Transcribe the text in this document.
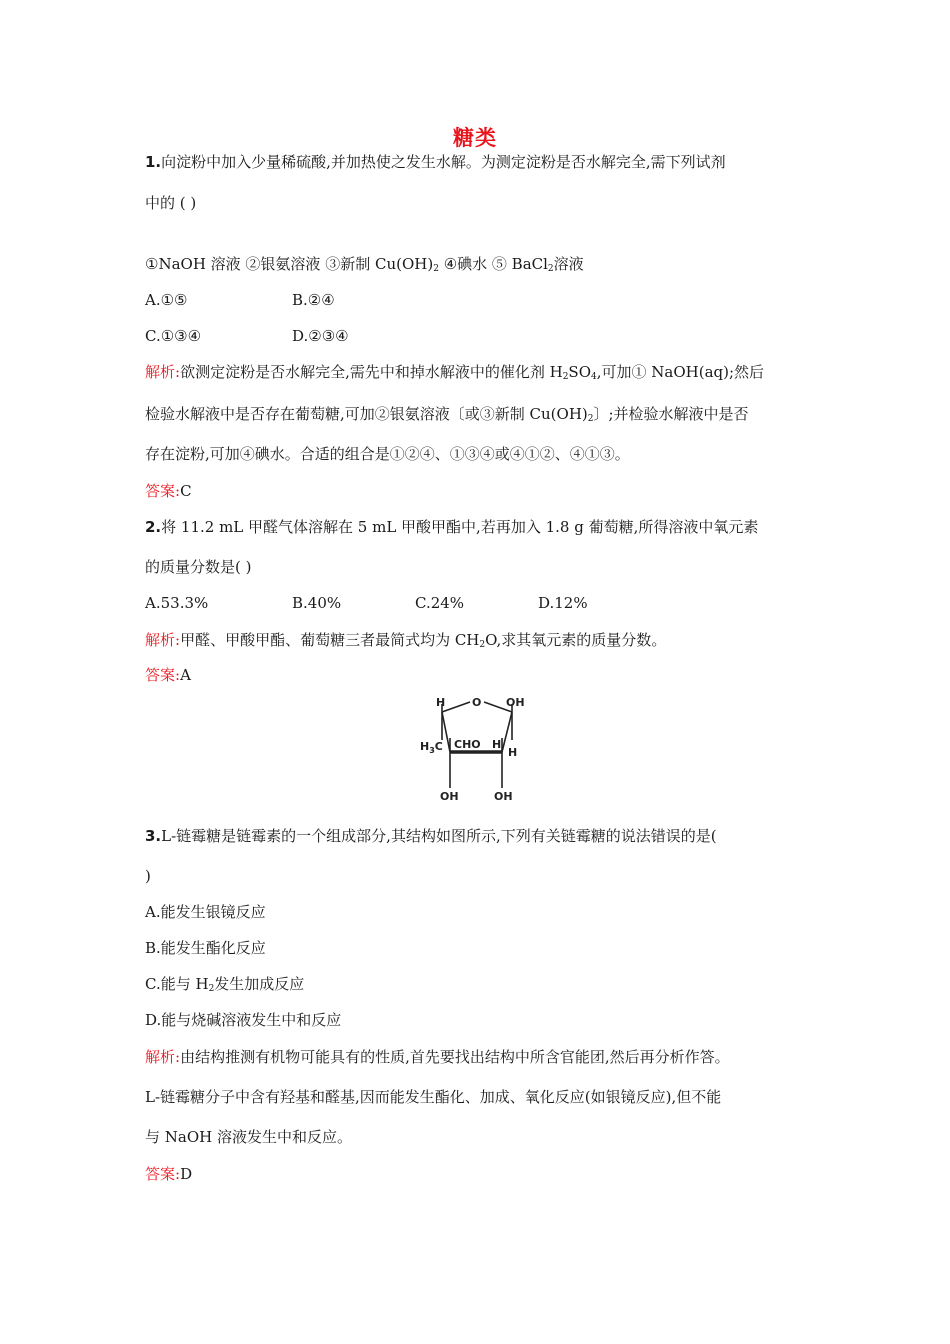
糖类
1.向淀粉中加入少量稀硫酸,并加热使之发生水解。为测定淀粉是否水解完全,需下列试剂
中的 ( )
①NaOH 溶液 ②银氨溶液 ③新制 $Cu(OH)_2$ ④碘水 ⑤ BaCl$_2$溶液
A.①⑤	B.②④
C.①③④	D.②③④
解析:欲测定淀粉是否水解完全,需先中和掉水解液中的催化剂 $H_2SO_4$,可加① NaOH(aq);然后
检验水解液中是否存在葡萄糖,可加②银氨溶液〔或③新制 $Cu(OH)_2$〕;并检验水解液中是否
存在淀粉,可加④碘水。合适的组合是①②④、①③④或④①②、④①③。
答案:C
2.将 11.2 mL 甲醛气体溶解在 5 mL 甲酸甲酯中,若再加入 1.8 g 葡萄糖,所得溶液中氧元素
的质量分数是( )
A.53.3%	B.40%	C.24%	D.12%
解析:甲醛、甲酸甲酯、葡萄糖三者最简式均为 $CH_2O$,求其氧元素的质量分数。
答案:A
H O OH
$H_3C$ CHO H
H
OH	OH
3.L-链霉糖是链霉素的一个组成部分,其结构如图所示,下列有关链霉糖的说法错误的是(
)
A.能发生银镜反应
B.能发生酯化反应
C.能与 $H_2$发生加成反应
D.能与烧碱溶液发生中和反应
解析:由结构推测有机物可能具有的性质,首先要找出结构中所含官能团,然后再分析作答。
L-链霉糖分子中含有羟基和醛基,因而能发生酯化、加成、氧化反应(如银镜反应),但不能
与 NaOH 溶液发生中和反应。
答案:D
